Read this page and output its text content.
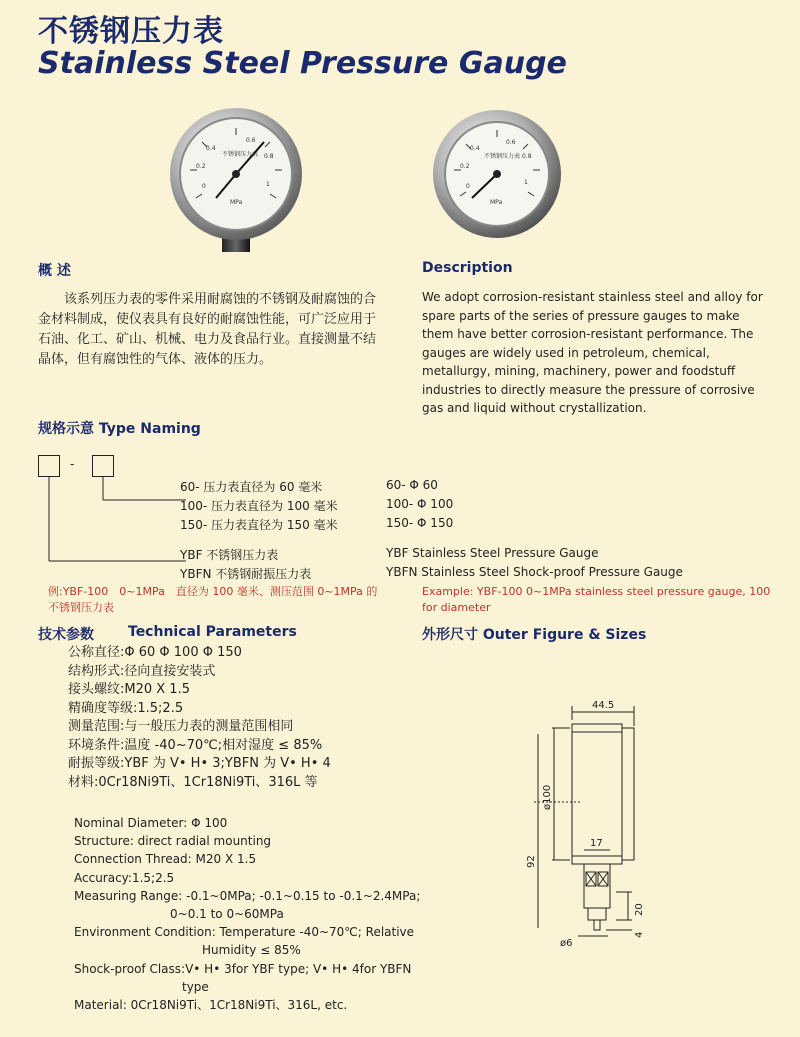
不锈钢压力表
Stainless Steel Pressure Gauge
0
0.2
0.4
0.6
0.8
1
不锈钢压力表
MPa
0
0.2
0.4
0.6
0.8
1
不锈钢压力表
MPa
概 述
该系列压力表的零件采用耐腐蚀的不锈钢及耐腐蚀的合金材料制成，使仪表具有良好的耐腐蚀性能，可广泛应用于石油、化工、矿山、机械、电力及食品行业。直接测量不结晶体，但有腐蚀性的气体、液体的压力。
Description
We adopt corrosion-resistant stainless steel and alloy for spare parts of the series of pressure gauges to make them have better corrosion-resistant performance. The gauges are widely used in petroleum, chemical, metallurgy, mining, machinery, power and foodstuff industries to directly measure the pressure of corrosive gas and liquid without crystallization.
规格示意 Type Naming
-
60- 压力表直径为 60 毫米
100- 压力表直径为 100 毫米
150- 压力表直径为 150 毫米
YBF 不锈钢压力表
YBFN 不锈钢耐振压力表
60- Φ 60
100- Φ 100
150- Φ 150
YBF Stainless Steel Pressure Gauge
YBFN Stainless Steel Shock-proof Pressure Gauge
例:YBF-100　0~1MPa　直径为 100 毫米、测压范围 0~1MPa 的不锈钢压力表
Example: YBF-100 0~1MPa stainless steel pressure gauge, 100 for diameter
技术参数 Technical Parameters
公称直径:Φ 60 Φ 100 Φ 150
结构形式:径向直接安装式
接头螺纹:M20 X 1.5
精确度等级:1.5;2.5
测量范围:与一般压力表的测量范围相同
环境条件:温度 -40~70℃;相对湿度 ≤ 85%
耐振等级:YBF 为 V• H• 3;YBFN 为 V• H• 4
材料:0Cr18Ni9Ti、1Cr18Ni9Ti、316L 等
Nominal Diameter: Φ 100
Structure: direct radial mounting
Connection Thread: M20 X 1.5
Accuracy:1.5;2.5
Measuring Range: -0.1~0MPa; -0.1~0.15 to -0.1~2.4MPa;
0~0.1 to 0~60MPa
Environment Condition: Temperature -40~70℃; Relative
Humidity ≤ 85%
Shock-proof Class:V• H• 3for YBF type; V• H• 4for YBFN
type
Material: 0Cr18Ni9Ti、1Cr18Ni9Ti、316L, etc.
外形尺寸 Outer Figure & Sizes
44.5
ø100
92
17
20
4
ø6
